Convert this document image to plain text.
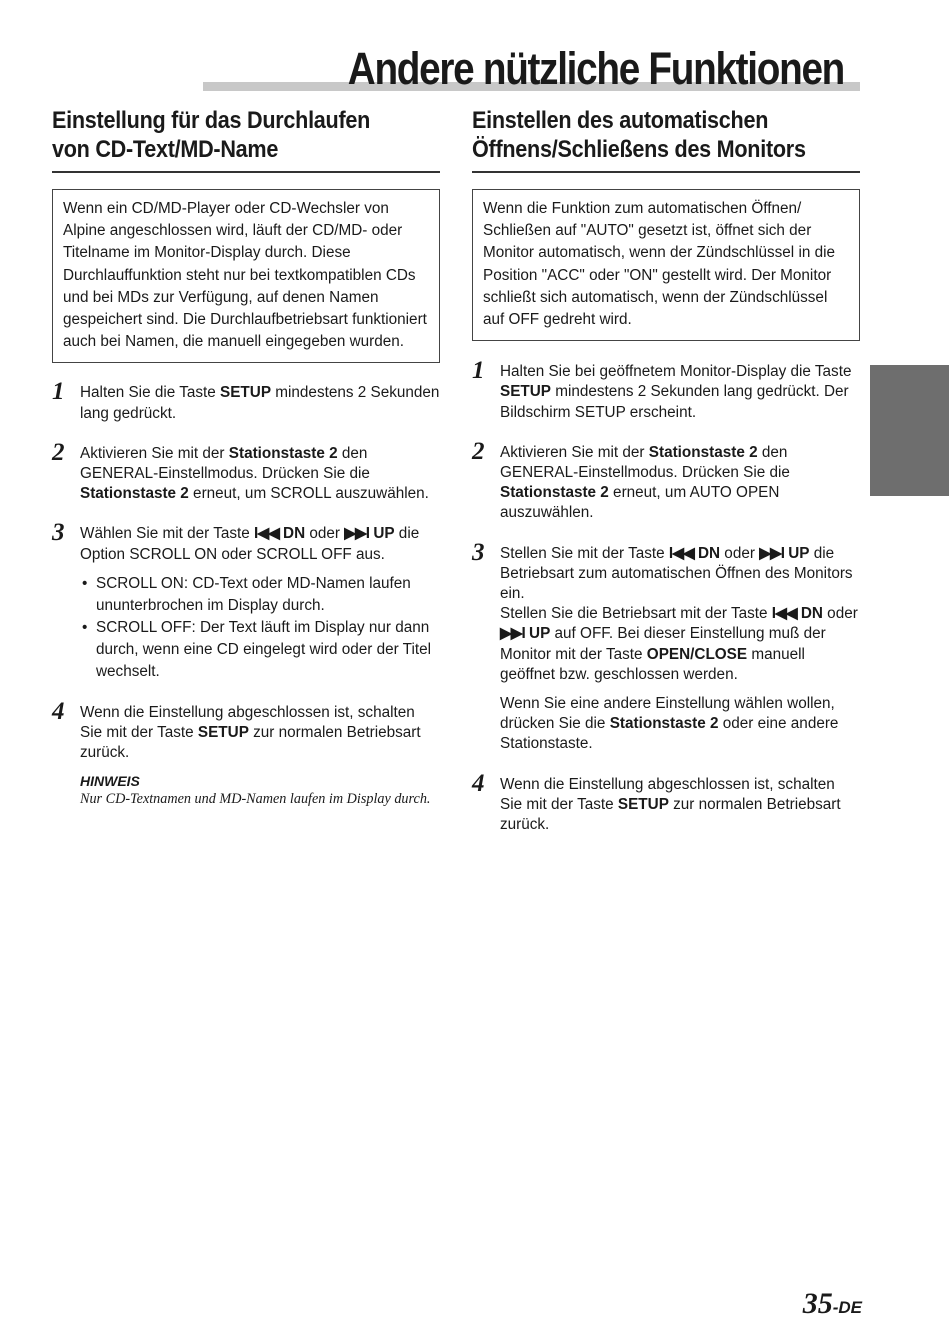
Andere nützliche Funktionen
Einstellung für das Durchlaufen
von CD-Text/MD-Name
Wenn ein CD/MD-Player oder CD-Wechsler von Alpine angeschlossen wird, läuft der CD/MD- oder Titelname im Monitor-Display durch. Diese Durchlauffunktion steht nur bei textkompatiblen CDs und bei MDs zur Verfügung, auf denen Namen gespeichert sind. Die Durchlaufbetriebsart funktioniert auch bei Namen, die manuell eingegeben wurden.
1 Halten Sie die Taste SETUP mindestens 2 Sekunden lang gedrückt.
2 Aktivieren Sie mit der Stationstaste 2 den GENERAL-Einstellmodus. Drücken Sie die Stationstaste 2 erneut, um SCROLL auszuwählen.
3 Wählen Sie mit der Taste I◀◀ DN oder ▶▶I UP die Option SCROLL ON oder SCROLL OFF aus.
• SCROLL ON: CD-Text oder MD-Namen laufen ununterbrochen im Display durch.
• SCROLL OFF: Der Text läuft im Display nur dann durch, wenn eine CD eingelegt wird oder der Titel wechselt.
4 Wenn die Einstellung abgeschlossen ist, schalten Sie mit der Taste SETUP zur normalen Betriebsart zurück.
HINWEIS
Nur CD-Textnamen und MD-Namen laufen im Display durch.
Einstellen des automatischen
Öffnens/Schließens des Monitors
Wenn die Funktion zum automatischen Öffnen/ Schließen auf "AUTO" gesetzt ist, öffnet sich der Monitor automatisch, wenn der Zündschlüssel in die Position "ACC" oder "ON" gestellt wird. Der Monitor schließt sich automatisch, wenn der Zündschlüssel auf OFF gedreht wird.
1 Halten Sie bei geöffnetem Monitor-Display die Taste SETUP mindestens 2 Sekunden lang gedrückt. Der Bildschirm SETUP erscheint.
2 Aktivieren Sie mit der Stationstaste 2 den GENERAL-Einstellmodus. Drücken Sie die Stationstaste 2 erneut, um AUTO OPEN auszuwählen.
3 Stellen Sie mit der Taste I◀◀ DN oder ▶▶I UP die Betriebsart zum automatischen Öffnen des Monitors ein.
Stellen Sie die Betriebsart mit der Taste I◀◀ DN oder ▶▶I UP auf OFF. Bei dieser Einstellung muß der Monitor mit der Taste OPEN/CLOSE manuell geöffnet bzw. geschlossen werden.
Wenn Sie eine andere Einstellung wählen wollen, drücken Sie die Stationstaste 2 oder eine andere Stationstaste.
4 Wenn die Einstellung abgeschlossen ist, schalten Sie mit der Taste SETUP zur normalen Betriebsart zurück.
35-DE
